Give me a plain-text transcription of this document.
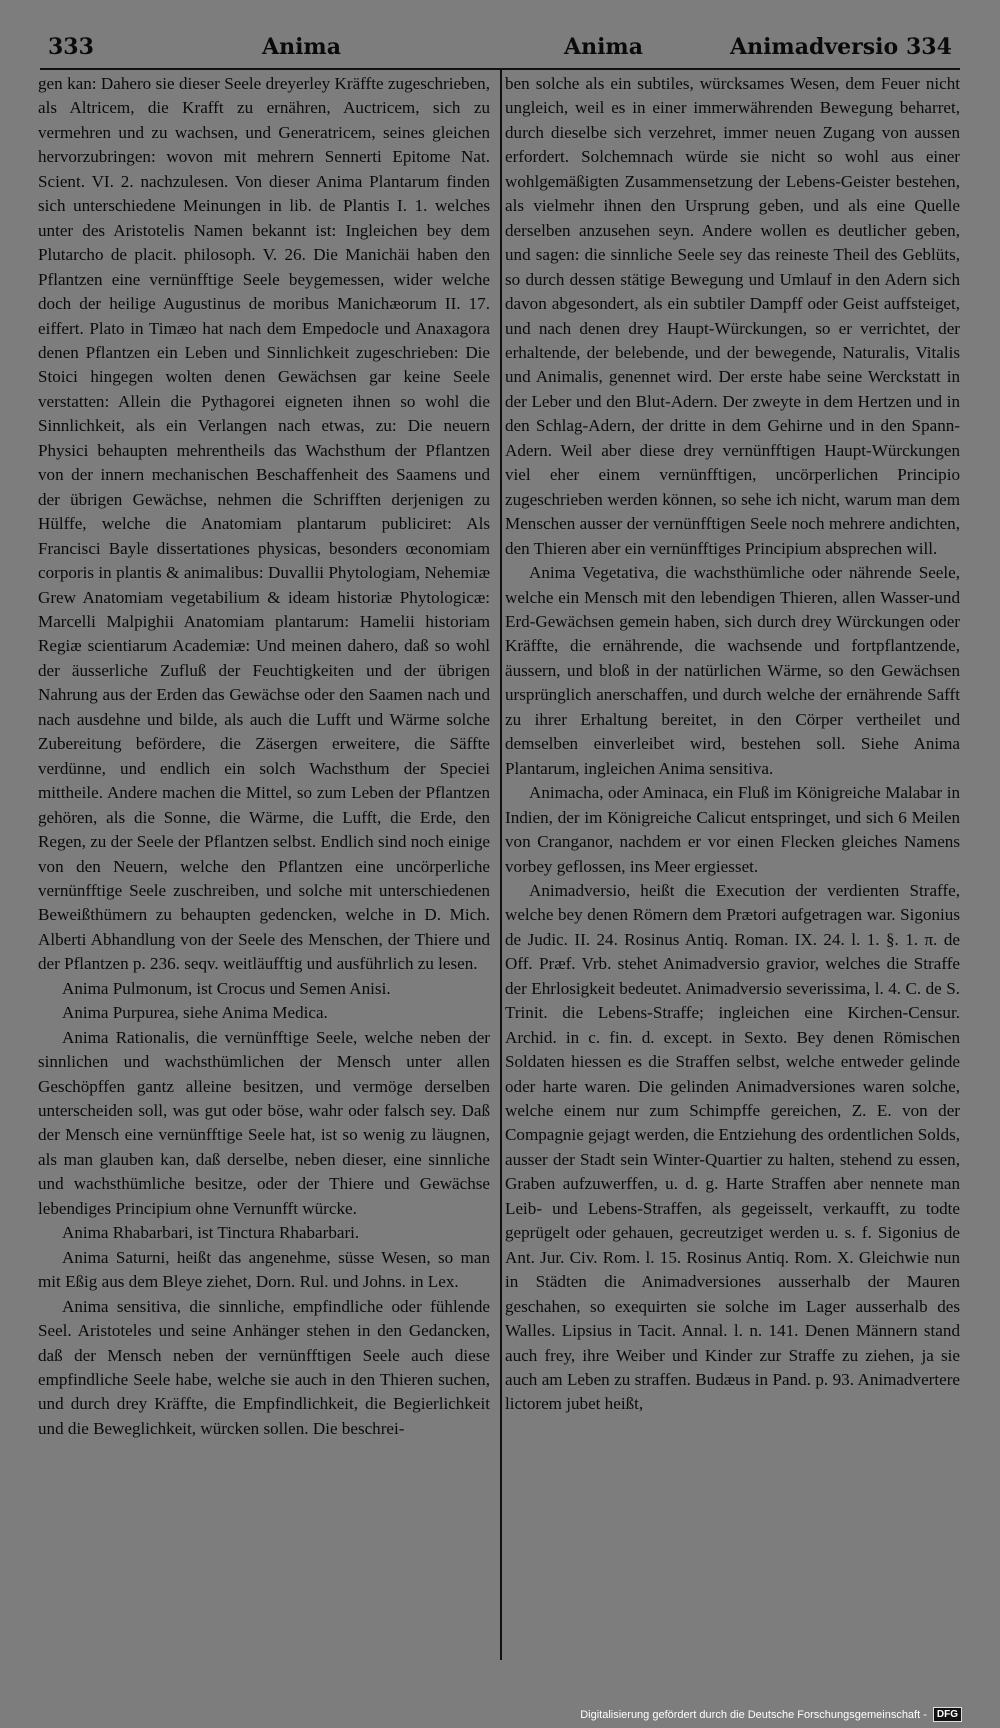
333	Anima	Anima	Animadversio 334

gen kan: Dahero sie dieser Seele dreyerley Kräffte zugeschrieben, als Altricem, die Krafft zu ernähren, Auctricem, sich zu vermehren und zu wachsen, und Generatricem, seines gleichen hervorzubringen: wovon mit mehrern Sennerti Epitome Nat. Scient. VI. 2. nachzulesen. Von dieser Anima Plantarum finden sich unterschiedene Meinungen in lib. de Plantis I. 1. welches unter des Aristotelis Namen bekannt ist: Ingleichen bey dem Plutarcho de placit. philosoph. V. 26. Die Manichäi haben den Pflantzen eine vernünfftige Seele beygemessen, wider welche doch der heilige Augustinus de moribus Manichæorum II. 17. eiffert. Plato in Timæo hat nach dem Empedocle und Anaxagora denen Pflantzen ein Leben und Sinnlichkeit zugeschrieben: Die Stoici hingegen wolten denen Gewächsen gar keine Seele verstatten: Allein die Pythagorei eigneten ihnen so wohl die Sinnlichkeit, als ein Verlangen nach etwas, zu: Die neuern Physici behaupten mehrentheils das Wachsthum der Pflantzen von der innern mechanischen Beschaffenheit des Saamens und der übrigen Gewächse, nehmen die Schrifften derjenigen zu Hülffe, welche die Anatomiam plantarum publiciret: Als Francisci Bayle dissertationes physicas, besonders œconomiam corporis in plantis & animalibus: Duvallii Phytologiam, Nehemiæ Grew Anatomiam vegetabilium & ideam historiæ Phytologicæ: Marcelli Malpighii Anatomiam plantarum: Hamelii historiam Regiæ scientiarum Academiæ: Und meinen dahero, daß so wohl der äusserliche Zufluß der Feuchtigkeiten und der übrigen Nahrung aus der Erden das Gewächse oder den Saamen nach und nach ausdehne und bilde, als auch die Lufft und Wärme solche Zubereitung befördere, die Zäsergen erweitere, die Säffte verdünne, und endlich ein solch Wachsthum der Speciei mittheile. Andere machen die Mittel, so zum Leben der Pflantzen gehören, als die Sonne, die Wärme, die Lufft, die Erde, den Regen, zu der Seele der Pflantzen selbst. Endlich sind noch einige von den Neuern, welche den Pflantzen eine uncörperliche vernünfftige Seele zuschreiben, und solche mit unterschiedenen Beweißthümern zu behaupten gedencken, welche in D. Mich. Alberti Abhandlung von der Seele des Menschen, der Thiere und der Pflantzen p. 236. seqv. weitläufftig und ausführlich zu lesen.

Anima Pulmonum, ist Crocus und Semen Anisi.

Anima Purpurea, siehe Anima Medica.

Anima Rationalis, die vernünfftige Seele, welche neben der sinnlichen und wachsthümlichen der Mensch unter allen Geschöpffen gantz alleine besitzen, und vermöge derselben unterscheiden soll, was gut oder böse, wahr oder falsch sey. Daß der Mensch eine vernünfftige Seele hat, ist so wenig zu läugnen, als man glauben kan, daß derselbe, neben dieser, eine sinnliche und wachsthümliche besitze, oder der Thiere und Gewächse lebendiges Principium ohne Vernunfft würcke.

Anima Rhabarbari, ist Tinctura Rhabarbari.

Anima Saturni, heißt das angenehme, süsse Wesen, so man mit Eßig aus dem Bleye ziehet, Dorn. Rul. und Johns. in Lex.

Anima sensitiva, die sinnliche, empfindliche oder fühlende Seel. Aristoteles und seine Anhänger stehen in den Gedancken, daß der Mensch neben der vernünfftigen Seele auch diese empfindliche Seele habe, welche sie auch in den Thieren suchen, und durch drey Kräffte, die Empfindlichkeit, die Begierlichkeit und die Beweglichkeit, würcken sollen. Die beschrei-

ben solche als ein subtiles, würcksames Wesen, dem Feuer nicht ungleich, weil es in einer immerwährenden Bewegung beharret, durch dieselbe sich verzehret, immer neuen Zugang von aussen erfordert. Solchemnach würde sie nicht so wohl aus einer wohlgemäßigten Zusammensetzung der Lebens-Geister bestehen, als vielmehr ihnen den Ursprung geben, und als eine Quelle derselben anzusehen seyn. Andere wollen es deutlicher geben, und sagen: die sinnliche Seele sey das reineste Theil des Geblüts, so durch dessen stätige Bewegung und Umlauf in den Adern sich davon abgesondert, als ein subtiler Dampff oder Geist auffsteiget, und nach denen drey Haupt-Würckungen, so er verrichtet, der erhaltende, der belebende, und der bewegende, Naturalis, Vitalis und Animalis, genennet wird. Der erste habe seine Werckstatt in der Leber und den Blut-Adern. Der zweyte in dem Hertzen und in den Schlag-Adern, der dritte in dem Gehirne und in den Spann-Adern. Weil aber diese drey vernünfftigen Haupt-Würckungen viel eher einem vernünfftigen, uncörperlichen Principio zugeschrieben werden können, so sehe ich nicht, warum man dem Menschen ausser der vernünfftigen Seele noch mehrere andichten, den Thieren aber ein vernünfftiges Principium absprechen will.

Anima Vegetativa, die wachsthümliche oder nährende Seele, welche ein Mensch mit den lebendigen Thieren, allen Wasser-und Erd-Gewächsen gemein haben, sich durch drey Würckungen oder Kräffte, die ernährende, die wachsende und fortpflantzende, äussern, und bloß in der natürlichen Wärme, so den Gewächsen ursprünglich anerschaffen, und durch welche der ernährende Safft zu ihrer Erhaltung bereitet, in den Cörper vertheilet und demselben einverleibet wird, bestehen soll. Siehe Anima Plantarum, ingleichen Anima sensitiva.

Animacha, oder Aminaca, ein Fluß im Königreiche Malabar in Indien, der im Königreiche Calicut entspringet, und sich 6 Meilen von Cranganor, nachdem er vor einen Flecken gleiches Namens vorbey geflossen, ins Meer ergiesset.

Animadversio, heißt die Execution der verdienten Straffe, welche bey denen Römern dem Prætori aufgetragen war. Sigonius de Judic. II. 24. Rosinus Antiq. Roman. IX. 24. l. 1. §. 1. π. de Off. Præf. Vrb. stehet Animadversio gravior, welches die Straffe der Ehrlosigkeit bedeutet. Animadversio severissima, l. 4. C. de S. Trinit. die Lebens-Straffe; ingleichen eine Kirchen-Censur. Archid. in c. fin. d. except. in Sexto. Bey denen Römischen Soldaten hiessen es die Straffen selbst, welche entweder gelinde oder harte waren. Die gelinden Animadversiones waren solche, welche einem nur zum Schimpffe gereichen, Z. E. von der Compagnie gejagt werden, die Entziehung des ordentlichen Solds, ausser der Stadt sein Winter-Quartier zu halten, stehend zu essen, Graben aufzuwerffen, u. d. g. Harte Straffen aber nennete man Leib- und Lebens-Straffen, als gegeisselt, verkaufft, zu todte geprügelt oder gehauen, gecreutziget werden u. s. f. Sigonius de Ant. Jur. Civ. Rom. l. 15. Rosinus Antiq. Rom. X. Gleichwie nun in Städten die Animadversiones ausserhalb der Mauren geschahen, so exequirten sie solche im Lager ausserhalb des Walles. Lipsius in Tacit. Annal. l. n. 141. Denen Männern stand auch frey, ihre Weiber und Kinder zur Straffe zu ziehen, ja sie auch am Leben zu straffen. Budæus in Pand. p. 93. Animadvertere lictorem jubet heißt,

Digitalisierung gefördert durch die Deutsche Forschungsgemeinschaft -	DFG
